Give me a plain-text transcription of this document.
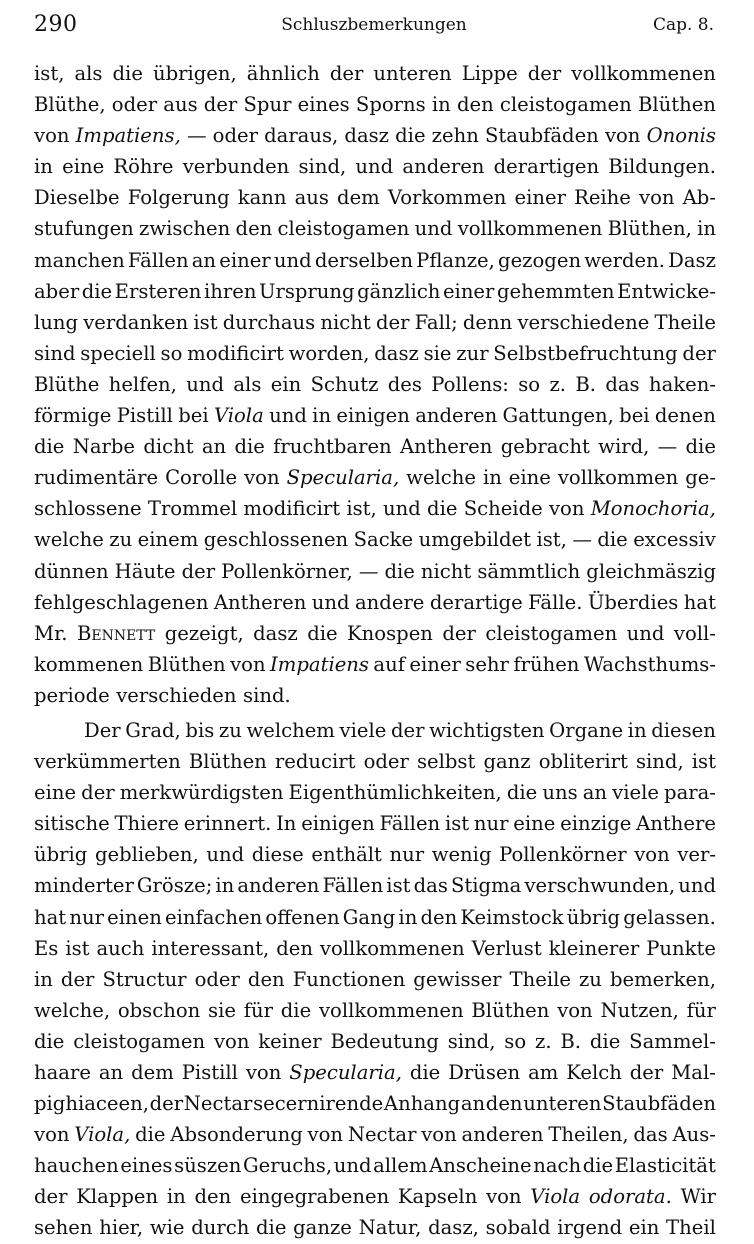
290	Schluszbemerkungen	Cap. 8.
ist, als die übrigen, ähnlich der unteren Lippe der vollkommenen
Blüthe, oder aus der Spur eines Sporns in den cleistogamen Blüthen
von Impatiens, — oder daraus, dasz die zehn Staubfäden von Ononis
in eine Röhre verbunden sind, und anderen derartigen Bildungen.
Dieselbe Folgerung kann aus dem Vorkommen einer Reihe von Ab-
stufungen zwischen den cleistogamen und vollkommenen Blüthen, in
manchen Fällen an einer und derselben Pflanze, gezogen werden. Dasz
aber die Ersteren ihren Ursprung gänzlich einer gehemmten Entwicke-
lung verdanken ist durchaus nicht der Fall; denn verschiedene Theile
sind speciell so modificirt worden, dasz sie zur Selbstbefruchtung der
Blüthe helfen, und als ein Schutz des Pollens: so z. B. das haken-
förmige Pistill bei Viola und in einigen anderen Gattungen, bei denen
die Narbe dicht an die fruchtbaren Antheren gebracht wird, — die
rudimentäre Corolle von Specularia, welche in eine vollkommen ge-
schlossene Trommel modificirt ist, und die Scheide von Monochoria,
welche zu einem geschlossenen Sacke umgebildet ist, — die excessiv
dünnen Häute der Pollenkörner, — die nicht sämmtlich gleichmäszig
fehlgeschlagenen Antheren und andere derartige Fälle. Überdies hat
Mr. Bennett gezeigt, dasz die Knospen der cleistogamen und voll-
kommenen Blüthen von Impatiens auf einer sehr frühen Wachsthums-
periode verschieden sind.
Der Grad, bis zu welchem viele der wichtigsten Organe in diesen
verkümmerten Blüthen reducirt oder selbst ganz obliterirt sind, ist
eine der merkwürdigsten Eigenthümlichkeiten, die uns an viele para-
sitische Thiere erinnert. In einigen Fällen ist nur eine einzige Anthere
übrig geblieben, und diese enthält nur wenig Pollenkörner von ver-
minderter Grösze; in anderen Fällen ist das Stigma verschwunden, und
hat nur einen einfachen offenen Gang in den Keimstock übrig gelassen.
Es ist auch interessant, den vollkommenen Verlust kleinerer Punkte
in der Structur oder den Functionen gewisser Theile zu bemerken,
welche, obschon sie für die vollkommenen Blüthen von Nutzen, für
die cleistogamen von keiner Bedeutung sind, so z. B. die Sammel-
haare an dem Pistill von Specularia, die Drüsen am Kelch der Mal-
pighiaceen, der Nectar secernirende Anhang an den unteren Staubfäden
von Viola, die Absonderung von Nectar von anderen Theilen, das Aus-
hauchen eines süszen Geruchs, und allem Anscheine nach die Elasticität
der Klappen in den eingegrabenen Kapseln von Viola odorata. Wir
sehen hier, wie durch die ganze Natur, dasz, sobald irgend ein Theil
